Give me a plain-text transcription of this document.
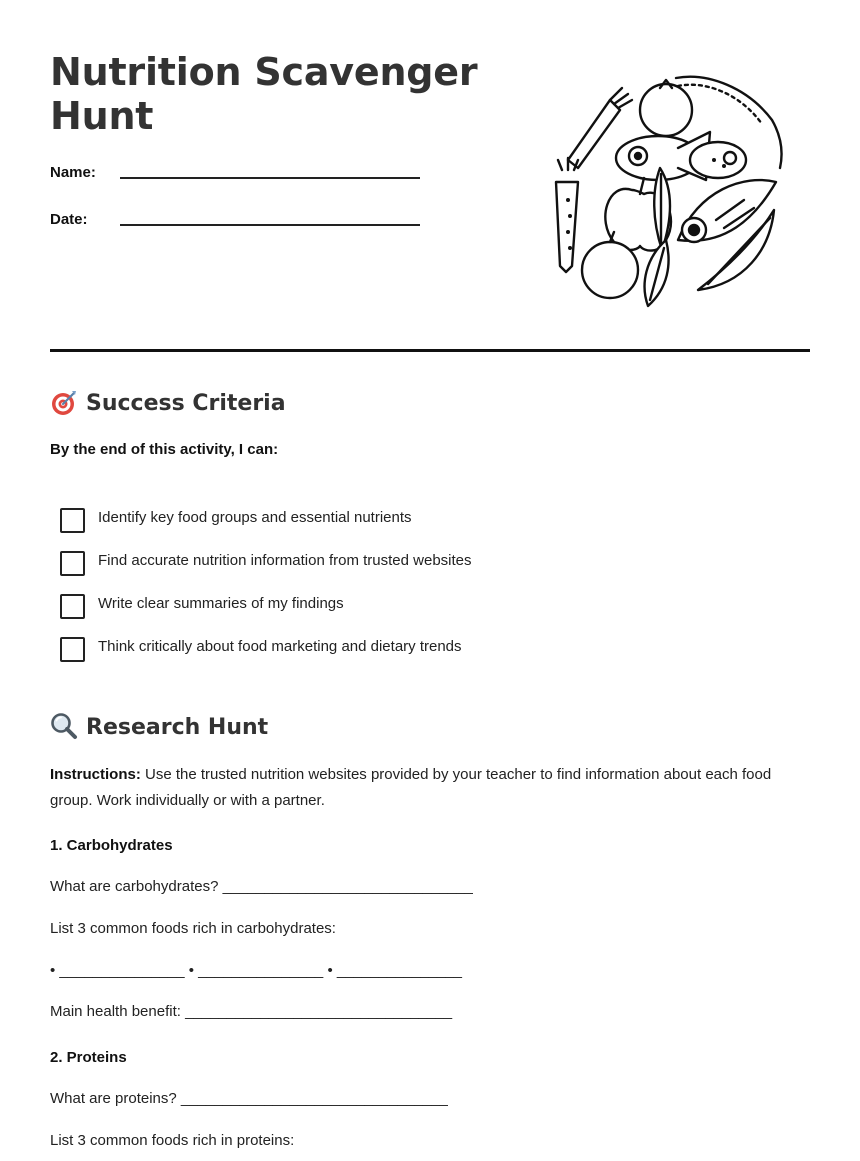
Nutrition Scavenger
Hunt
Name:
Date:
Success Criteria
By the end of this activity, I can:
Identify key food groups and essential nutrients
Find accurate nutrition information from trusted websites
Write clear summaries of my findings
Think critically about food marketing and dietary trends
Research Hunt

Instructions: Use the trusted nutrition websites provided by your teacher to find information about each food group. Work individually or with a partner.

1. Carbohydrates
What are carbohydrates? ______________________________
List 3 common foods rich in carbohydrates:
• _______________ • _______________ • _______________
Main health benefit: ________________________________
2. Proteins
What are proteins? ________________________________
List 3 common foods rich in proteins:
